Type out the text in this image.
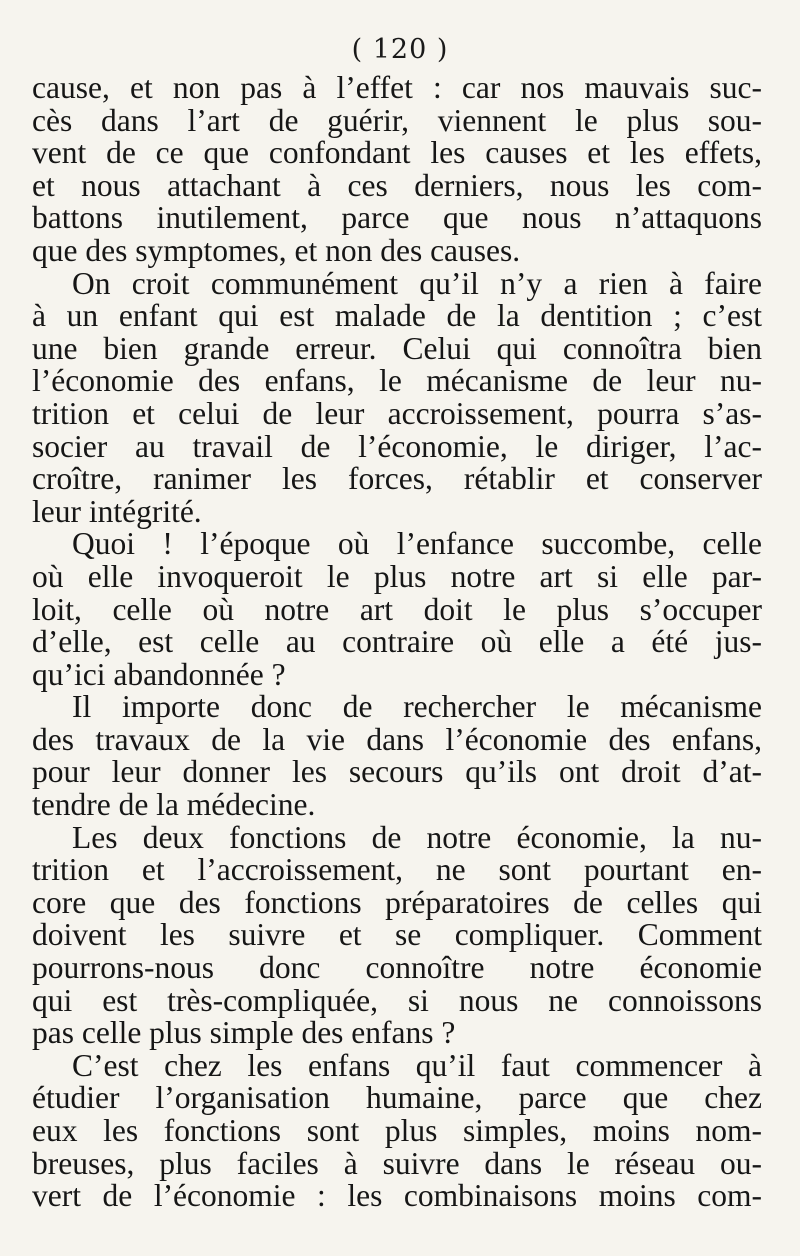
( 120 )
cause, et non pas à l’effet : car nos mauvais suc-
cès dans l’art de guérir, viennent le plus sou-
vent de ce que confondant les causes et les effets,
et nous attachant à ces derniers, nous les com-
battons inutilement, parce que nous n’attaquons
que des symptomes, et non des causes.
On croit communément qu’il n’y a rien à faire
à un enfant qui est malade de la dentition ; c’est
une bien grande erreur. Celui qui connoîtra bien
l’économie des enfans, le mécanisme de leur nu-
trition et celui de leur accroissement, pourra s’as-
socier au travail de l’économie, le diriger, l’ac-
croître, ranimer les forces, rétablir et conserver
leur intégrité.
Quoi ! l’époque où l’enfance succombe, celle
où elle invoqueroit le plus notre art si elle par-
loit, celle où notre art doit le plus s’occuper
d’elle, est celle au contraire où elle a été jus-
qu’ici abandonnée ?
Il importe donc de rechercher le mécanisme
des travaux de la vie dans l’économie des enfans,
pour leur donner les secours qu’ils ont droit d’at-
tendre de la médecine.
Les deux fonctions de notre économie, la nu-
trition et l’accroissement, ne sont pourtant en-
core que des fonctions préparatoires de celles qui
doivent les suivre et se compliquer. Comment
pourrons-nous donc connoître notre économie
qui est très-compliquée, si nous ne connoissons
pas celle plus simple des enfans ?
C’est chez les enfans qu’il faut commencer à
étudier l’organisation humaine, parce que chez
eux les fonctions sont plus simples, moins nom-
breuses, plus faciles à suivre dans le réseau ou-
vert de l’économie : les combinaisons moins com-
